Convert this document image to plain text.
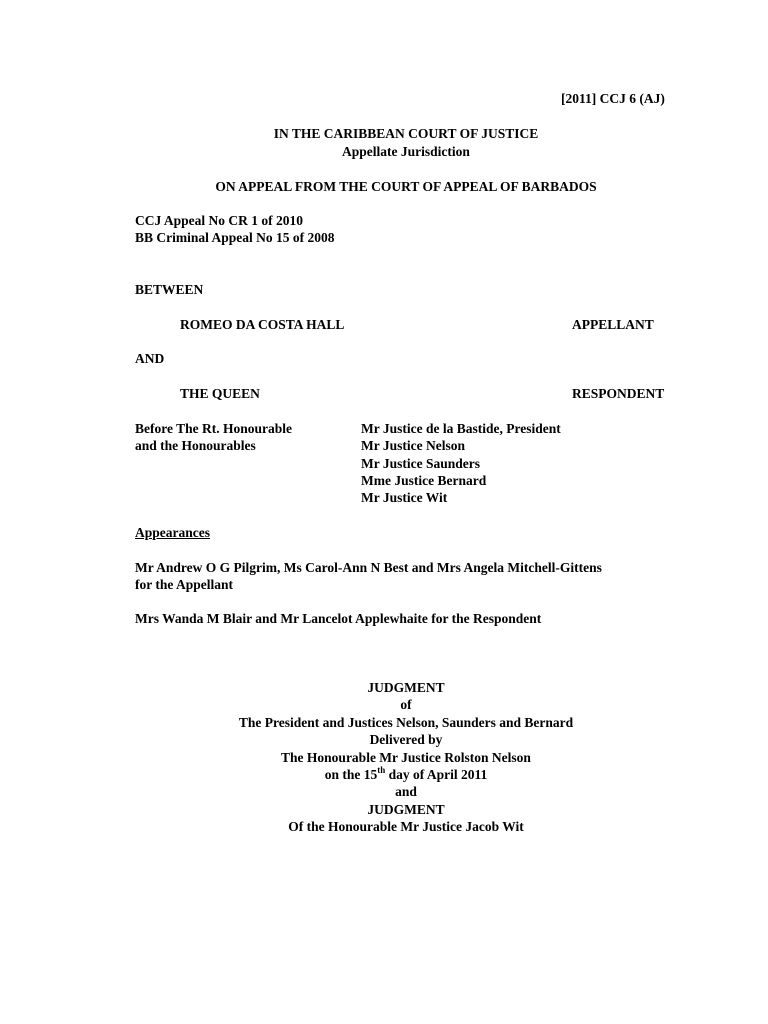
[2011] CCJ 6 (AJ)
IN THE CARIBBEAN COURT OF JUSTICE
Appellate Jurisdiction
ON APPEAL FROM THE COURT OF APPEAL OF BARBADOS
CCJ Appeal No CR 1 of 2010
BB Criminal Appeal No 15 of 2008
BETWEEN
ROMEO DA COSTA HALL	APPELLANT
AND
THE QUEEN	RESPONDENT
Before The Rt. Honourable
and the Honourables
Mr Justice de la Bastide, President
Mr Justice Nelson
Mr Justice Saunders
Mme Justice Bernard
Mr Justice Wit
Appearances
Mr Andrew O G Pilgrim, Ms Carol-Ann N Best and Mrs Angela Mitchell-Gittens
for the Appellant
Mrs Wanda M Blair and Mr Lancelot Applewhaite for the Respondent
JUDGMENT
of
The President and Justices Nelson, Saunders and Bernard
Delivered by
The Honourable Mr Justice Rolston Nelson
on the 15th day of April 2011
and
JUDGMENT
Of the Honourable Mr Justice Jacob Wit
